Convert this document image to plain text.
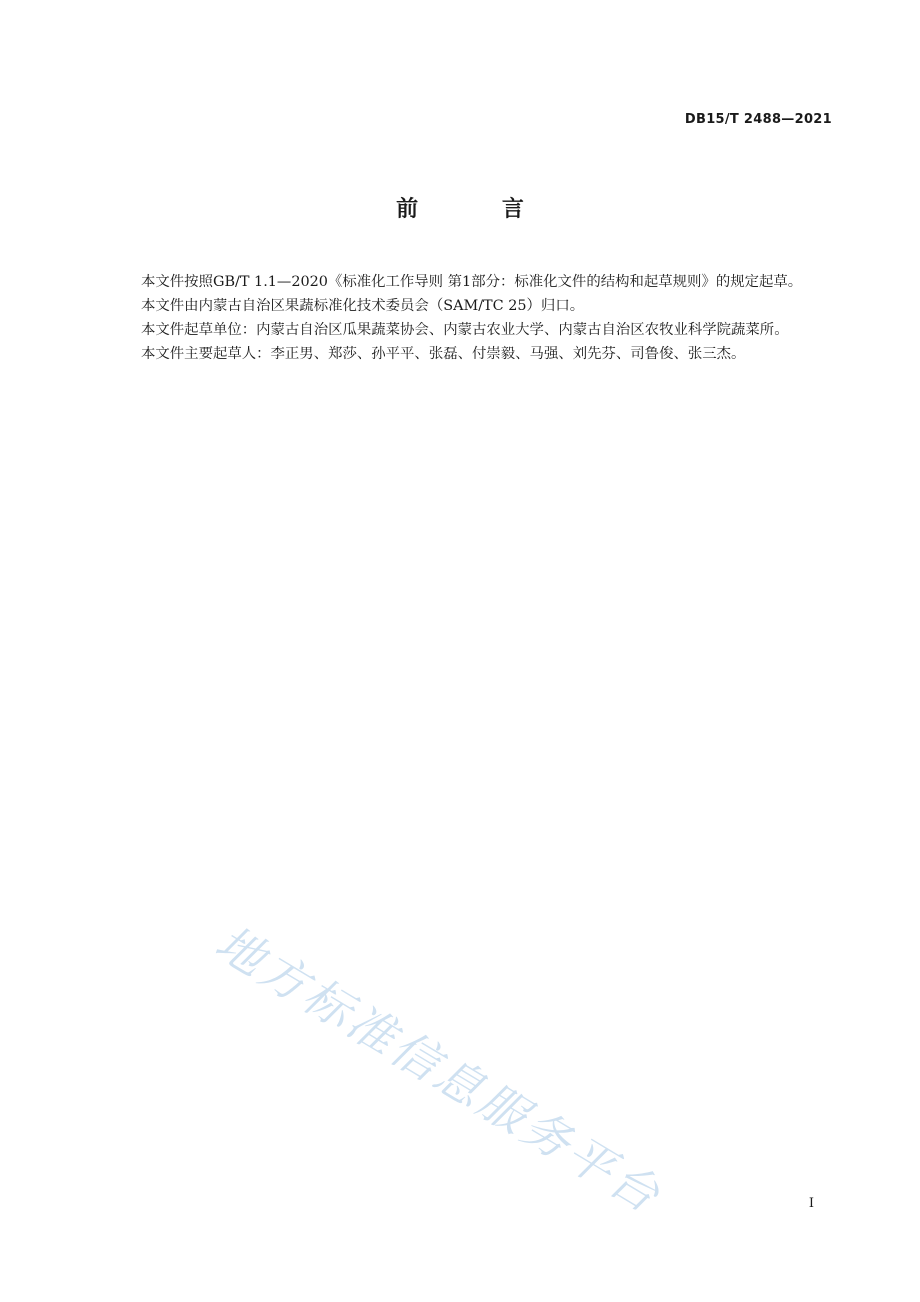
DB15/T 2488—2021
前 言

本文件按照GB/T 1.1—2020《标准化工作导则 第1部分：标准化文件的结构和起草规则》的规定起草。

本文件由内蒙古自治区果蔬标准化技术委员会（SAM/TC 25）归口。

本文件起草单位：内蒙古自治区瓜果蔬菜协会、内蒙古农业大学、内蒙古自治区农牧业科学院蔬菜所。

本文件主要起草人：李正男、郑莎、孙平平、张磊、付崇毅、马强、刘先芬、司鲁俊、张三杰。

地方标准信息服务平台	I
